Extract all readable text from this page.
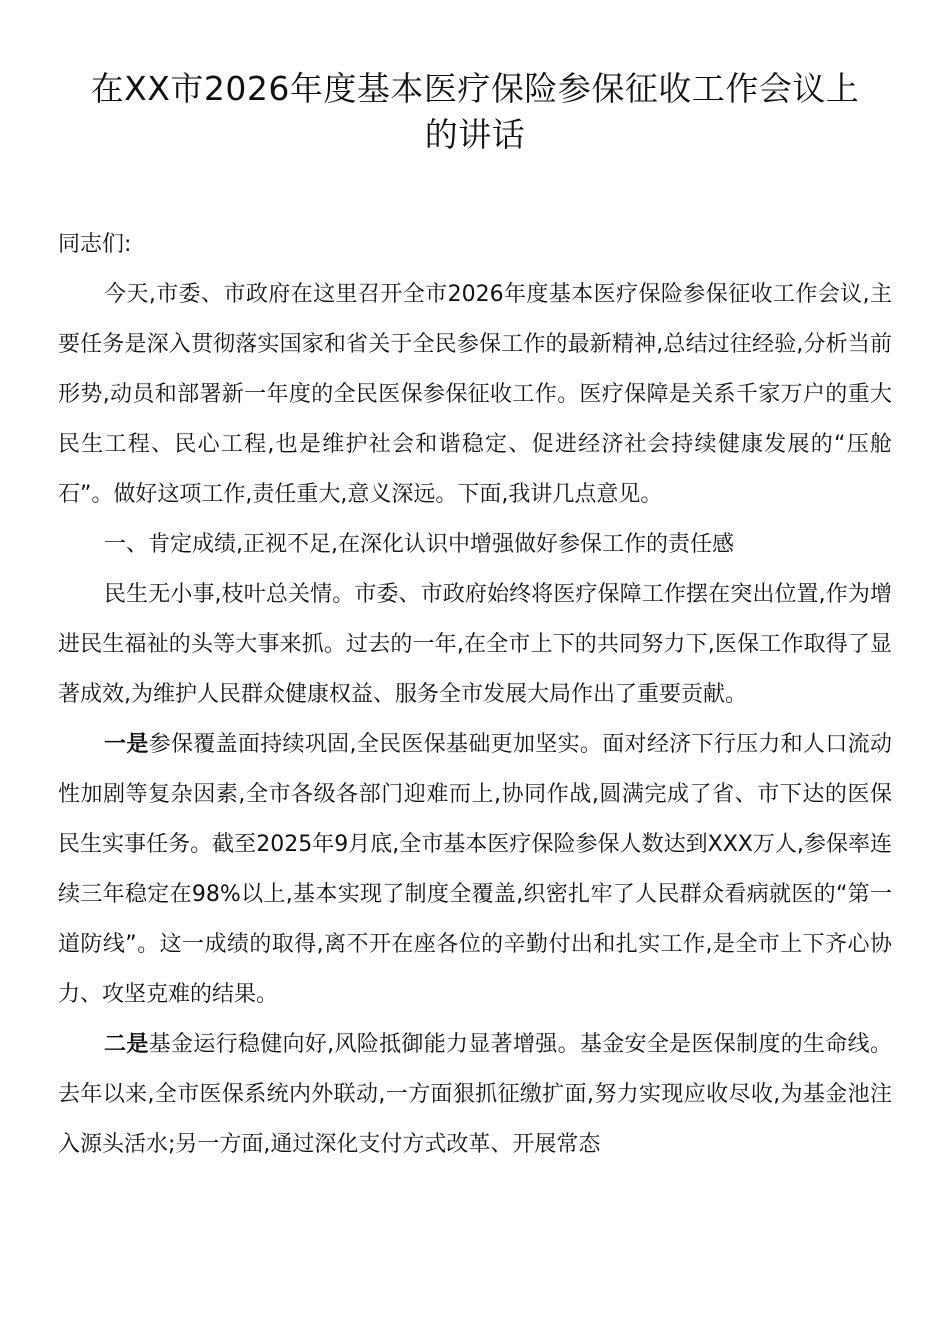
在XX市2026年度基本医疗保险参保征收工作会议上
的讲话

同志们:

今天,市委、市政府在这里召开全市2026年度基本医疗保险参保征收工作会议,主要任务是深入贯彻落实国家和省关于全民参保工作的最新精神,总结过往经验,分析当前形势,动员和部署新一年度的全民医保参保征收工作。医疗保障是关系千家万户的重大民生工程、民心工程,也是维护社会和谐稳定、促进经济社会持续健康发展的“压舱石”。做好这项工作,责任重大,意义深远。下面,我讲几点意见。

一、肯定成绩,正视不足,在深化认识中增强做好参保工作的责任感

民生无小事,枝叶总关情。市委、市政府始终将医疗保障工作摆在突出位置,作为增进民生福祉的头等大事来抓。过去的一年,在全市上下的共同努力下,医保工作取得了显著成效,为维护人民群众健康权益、服务全市发展大局作出了重要贡献。

一是参保覆盖面持续巩固,全民医保基础更加坚实。面对经济下行压力和人口流动性加剧等复杂因素,全市各级各部门迎难而上,协同作战,圆满完成了省、市下达的医保民生实事任务。截至2025年9月底,全市基本医疗保险参保人数达到XXX万人,参保率连续三年稳定在98%以上,基本实现了制度全覆盖,织密扎牢了人民群众看病就医的“第一道防线”。这一成绩的取得,离不开在座各位的辛勤付出和扎实工作,是全市上下齐心协力、攻坚克难的结果。

二是基金运行稳健向好,风险抵御能力显著增强。基金安全是医保制度的生命线。去年以来,全市医保系统内外联动,一方面狠抓征缴扩面,努力实现应收尽收,为基金池注入源头活水;另一方面,通过深化支付方式改革、开展常态
